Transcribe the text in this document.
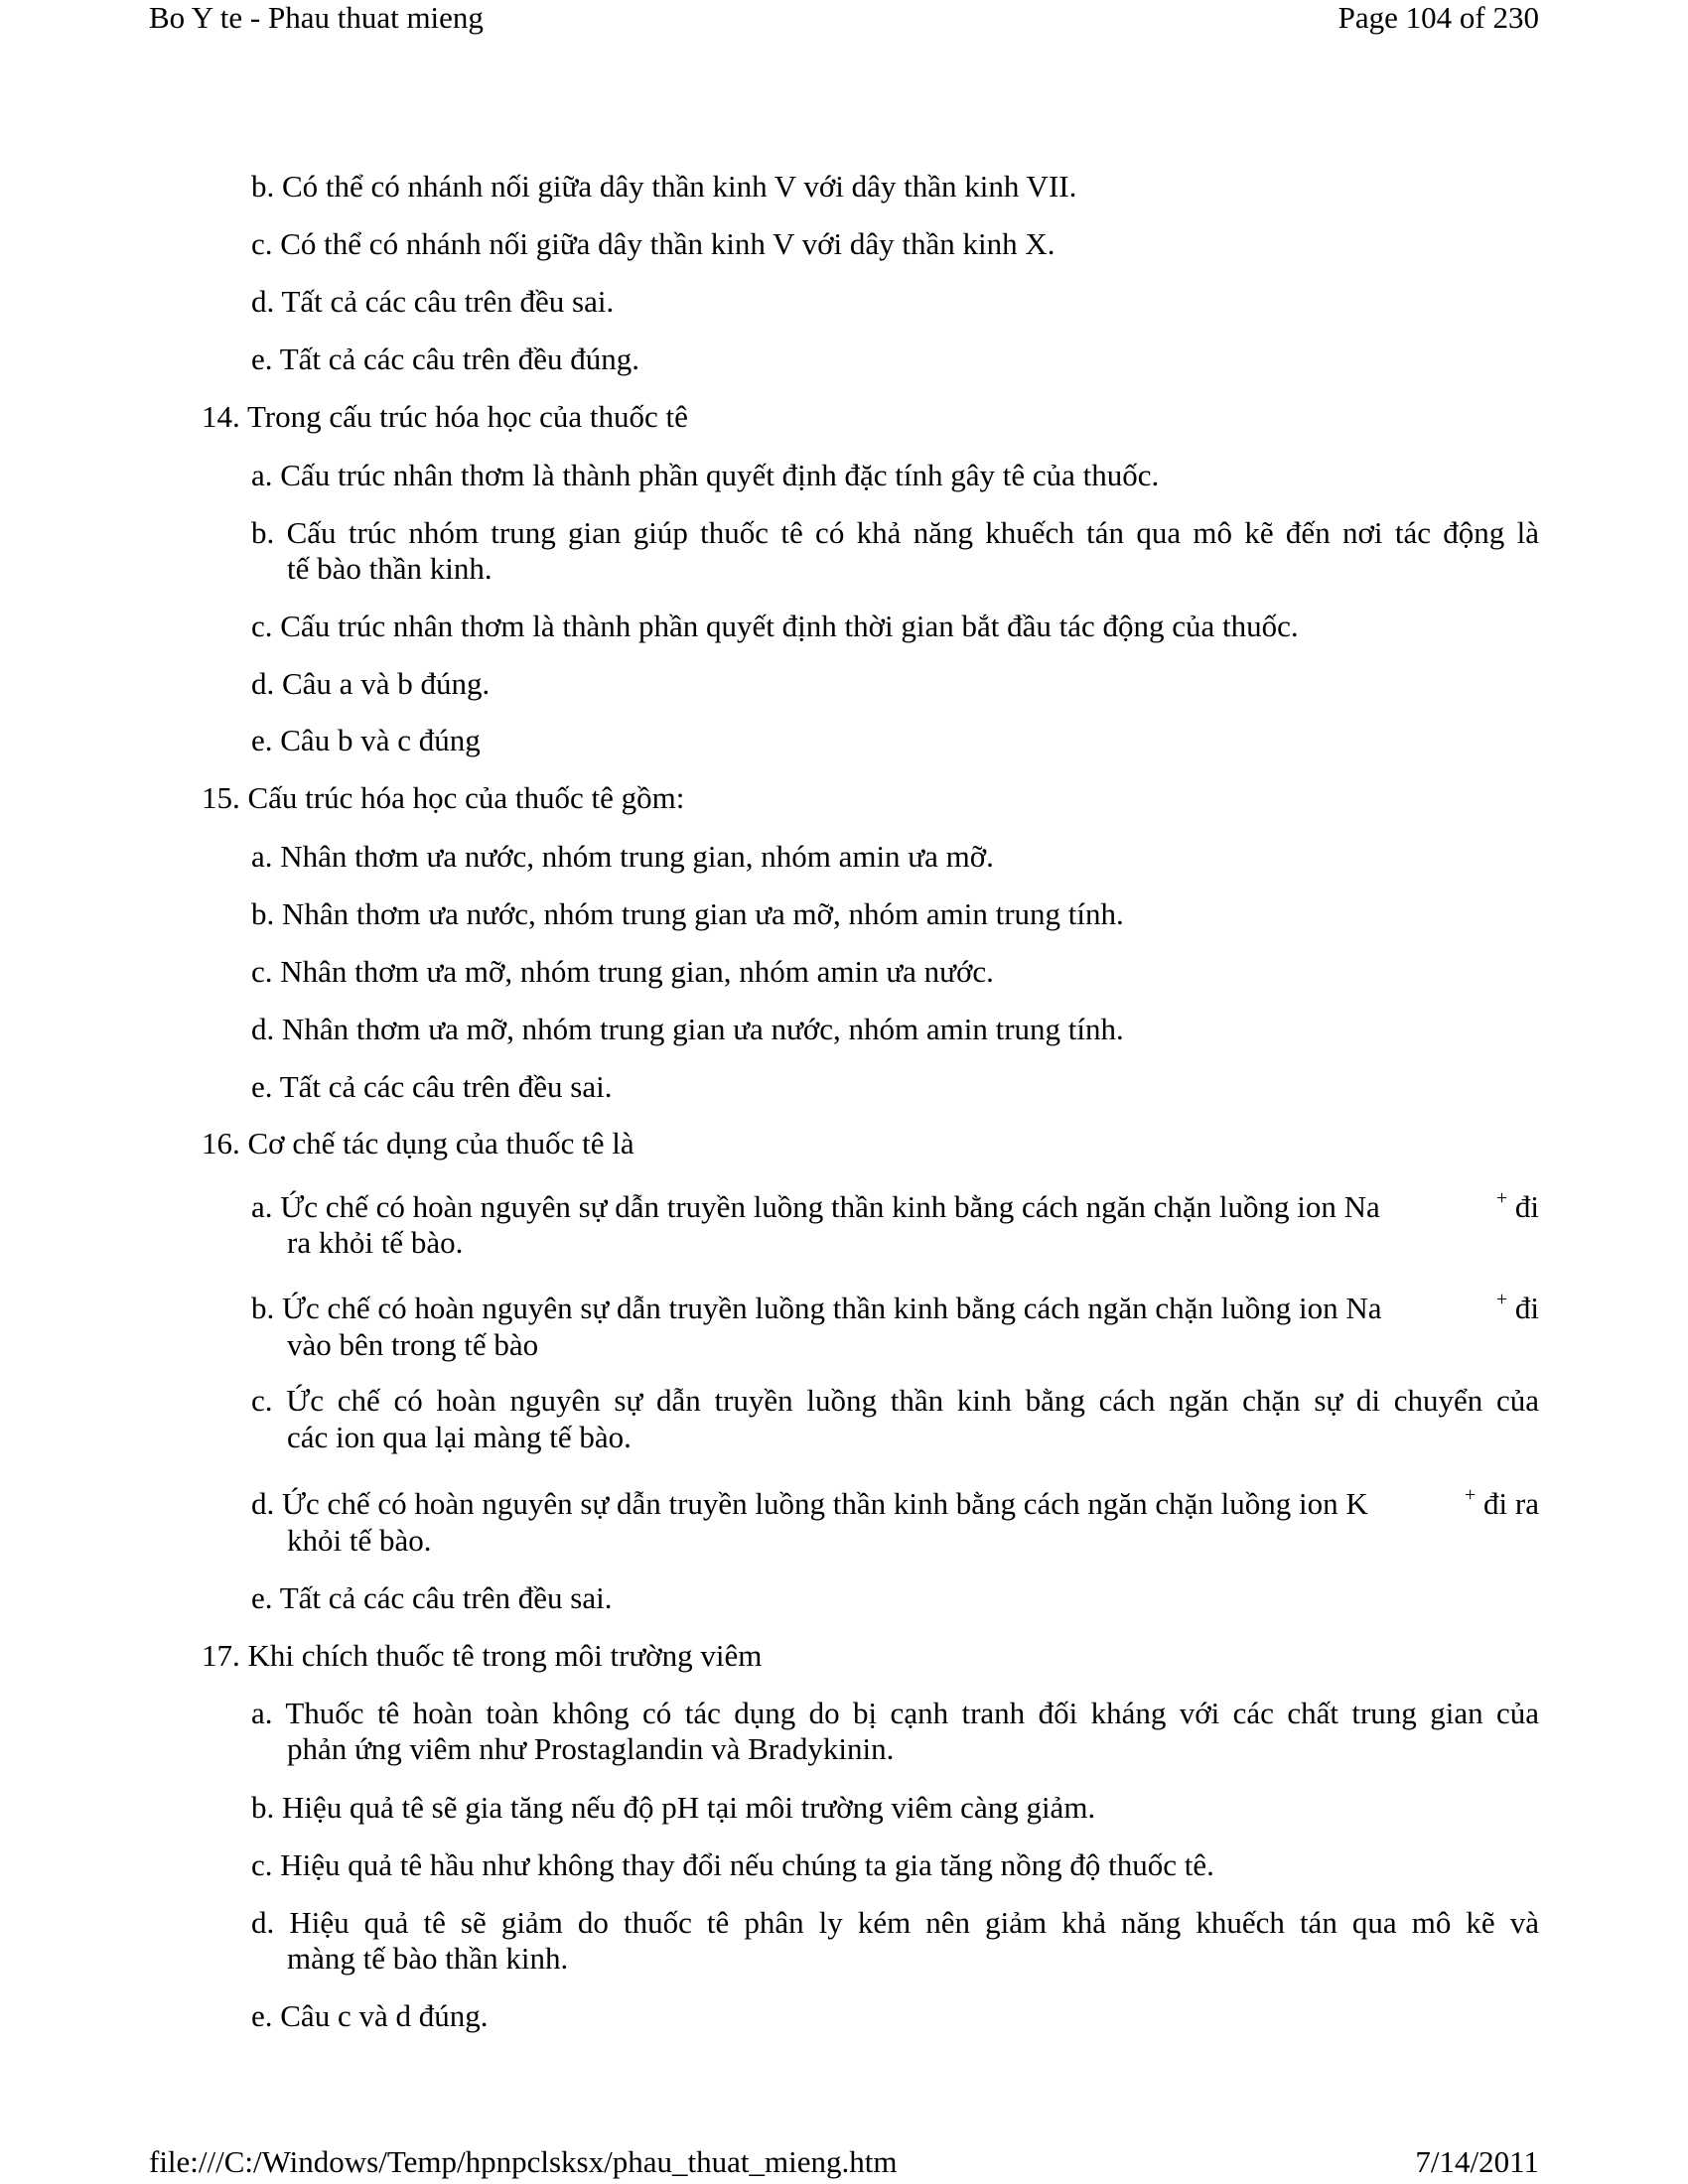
Bo Y te - Phau thuat mieng	Page 104 of 230
b. Có thể có nhánh nối giữa dây thần kinh V với dây thần kinh VII.
c. Có thể có nhánh nối giữa dây thần kinh V với dây thần kinh X.
d. Tất cả các câu trên đều sai.
e. Tất cả các câu trên đều đúng.
14. Trong cấu trúc hóa học của thuốc tê
a. Cấu trúc nhân thơm là thành phần quyết định đặc tính gây tê của thuốc.
b. Cấu trúc nhóm trung gian giúp thuốc tê có khả năng khuếch tán qua mô kẽ đến nơi tác động là
tế bào thần kinh.
c. Cấu trúc nhân thơm là thành phần quyết định thời gian bắt đầu tác động của thuốc.
d. Câu a và b đúng.
e. Câu b và c đúng
15. Cấu trúc hóa học của thuốc tê gồm:
a. Nhân thơm ưa nước, nhóm trung gian, nhóm amin ưa mỡ.
b. Nhân thơm ưa nước, nhóm trung gian ưa mỡ, nhóm amin trung tính.
c. Nhân thơm ưa mỡ, nhóm trung gian, nhóm amin ưa nước.
d. Nhân thơm ưa mỡ, nhóm trung gian ưa nước, nhóm amin trung tính.
e. Tất cả các câu trên đều sai.
16. Cơ chế tác dụng của thuốc tê là
a. Ức chế có hoàn nguyên sự dẫn truyền luồng thần kinh bằng cách ngăn chặn luồng ion Na	+ đi
ra khỏi tế bào.
b. Ức chế có hoàn nguyên sự dẫn truyền luồng thần kinh bằng cách ngăn chặn luồng ion Na	+ đi
vào bên trong tế bào
c. Ức chế có hoàn nguyên sự dẫn truyền luồng thần kinh bằng cách ngăn chặn sự di chuyển của
các ion qua lại màng tế bào.
d. Ức chế có hoàn nguyên sự dẫn truyền luồng thần kinh bằng cách ngăn chặn luồng ion K	+ đi ra
khỏi tế bào.
e. Tất cả các câu trên đều sai.
17. Khi chích thuốc tê trong môi trường viêm
a. Thuốc tê hoàn toàn không có tác dụng do bị cạnh tranh đối kháng với các chất trung gian của
phản ứng viêm như Prostaglandin và Bradykinin.
b. Hiệu quả tê sẽ gia tăng nếu độ pH tại môi trường viêm càng giảm.
c. Hiệu quả tê hầu như không thay đổi nếu chúng ta gia tăng nồng độ thuốc tê.
d. Hiệu quả tê sẽ giảm do thuốc tê phân ly kém nên giảm khả năng khuếch tán qua mô kẽ và
màng tế bào thần kinh.
e. Câu c và d đúng.
file:///C:/Windows/Temp/hpnpclsksx/phau_thuat_mieng.htm	7/14/2011
